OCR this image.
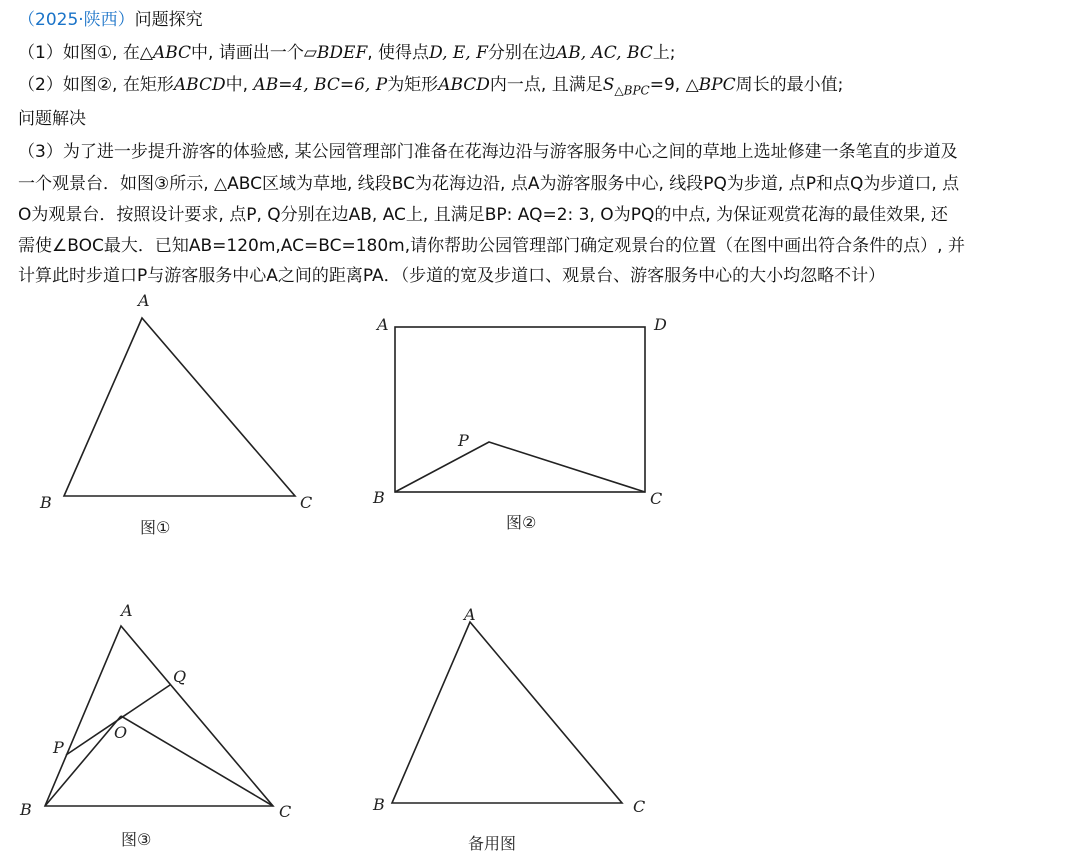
（2025·陕西）问题探究
（1）如图①, 在△ABC中, 请画出一个▱BDEF, 使得点D, E, F分别在边AB, AC, BC上;
（2）如图②, 在矩形ABCD中, AB=4, BC=6, P为矩形ABCD内一点, 且满足$S_{\triangle BPC}=9$, △BPC周长的最小值;
问题解决
（3）为了进一步提升游客的体验感, 某公园管理部门准备在花海边沿与游客服务中心之间的草地上选址修建一条笔直的步道及
一个观景台．如图③所示, △ABC区域为草地, 线段BC为花海边沿, 点A为游客服务中心, 线段PQ为步道, 点P和点Q为步道口, 点
O为观景台．按照设计要求, 点P, Q分别在边AB, AC上, 且满足BP: AQ=2: 3, O为PQ的中点, 为保证观赏花海的最佳效果, 还
需使∠BOC最大．已知AB=120m,AC=BC=180m,请你帮助公园管理部门确定观景台的位置（在图中画出符合条件的点）, 并
计算此时步道口P与游客服务中心A之间的距离PA．（步道的宽及步道口、观景台、游客服务中心的大小均忽略不计）
A
B	C
图①
A	D
B	C
P
图②
A
B	C
P
Q
O
图③
A
B	C
备用图
